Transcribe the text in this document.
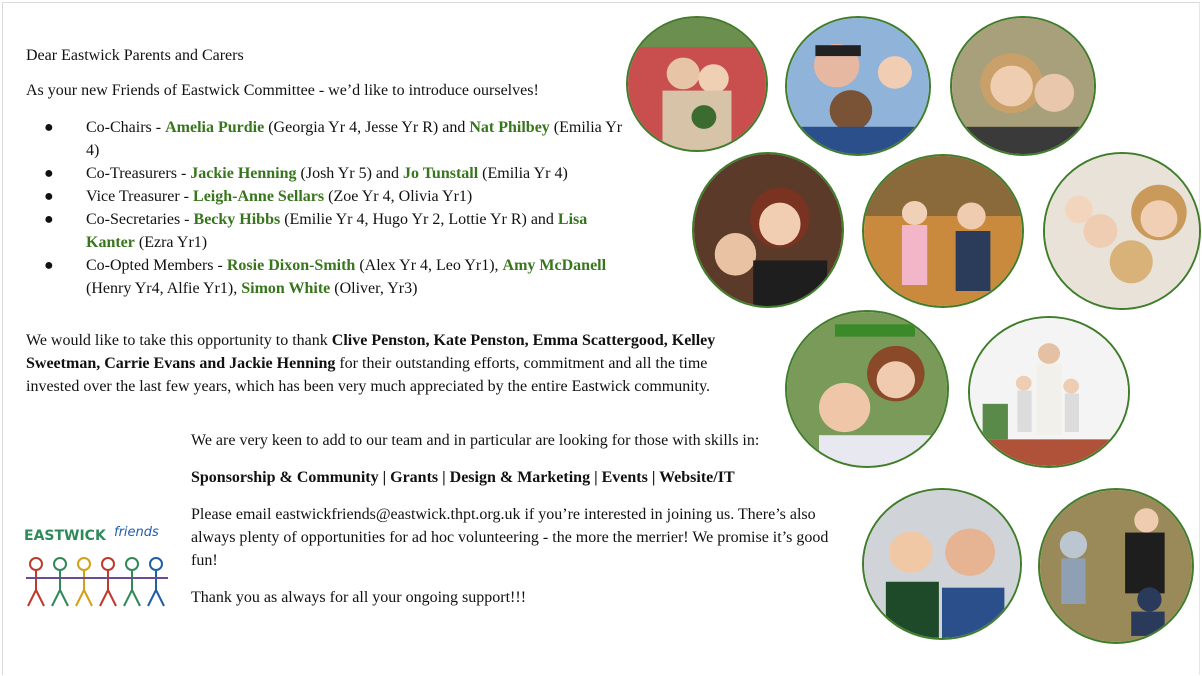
Dear Eastwick Parents and Carers
As your new Friends of Eastwick Committee - we’d like to introduce ourselves!
● Co-Chairs - Amelia Purdie (Georgia Yr 4, Jesse Yr R) and Nat Philbey (Emilia Yr 4)
● Co-Treasurers - Jackie Henning (Josh Yr 5) and Jo Tunstall (Emilia Yr 4)
● Vice Treasurer - Leigh-Anne Sellars (Zoe Yr 4, Olivia Yr1)
● Co-Secretaries - Becky Hibbs (Emilie Yr 4, Hugo Yr 2, Lottie Yr R) and Lisa Kanter (Ezra Yr1)
● Co-Opted Members - Rosie Dixon-Smith (Alex Yr 4, Leo Yr1), Amy McDanell (Henry Yr4, Alfie Yr1), Simon White (Oliver, Yr3)
We would like to take this opportunity to thank Clive Penston, Kate Penston, Emma Scattergood, Kelley Sweetman, Carrie Evans and Jackie Henning for their outstanding efforts, commitment and all the time invested over the last few years, which has been very much appreciated by the entire Eastwick community.
We are very keen to add to our team and in particular are looking for those with skills in:
Sponsorship & Community | Grants | Design & Marketing | Events | Website/IT
Please email eastwickfriends@eastwick.thpt.org.uk if you’re interested in joining us. There’s also always plenty of opportunities for ad hoc volunteering - the more the merrier! We promise it’s good fun!
Thank you as always for all your ongoing support!!!
EASTWICK friends
